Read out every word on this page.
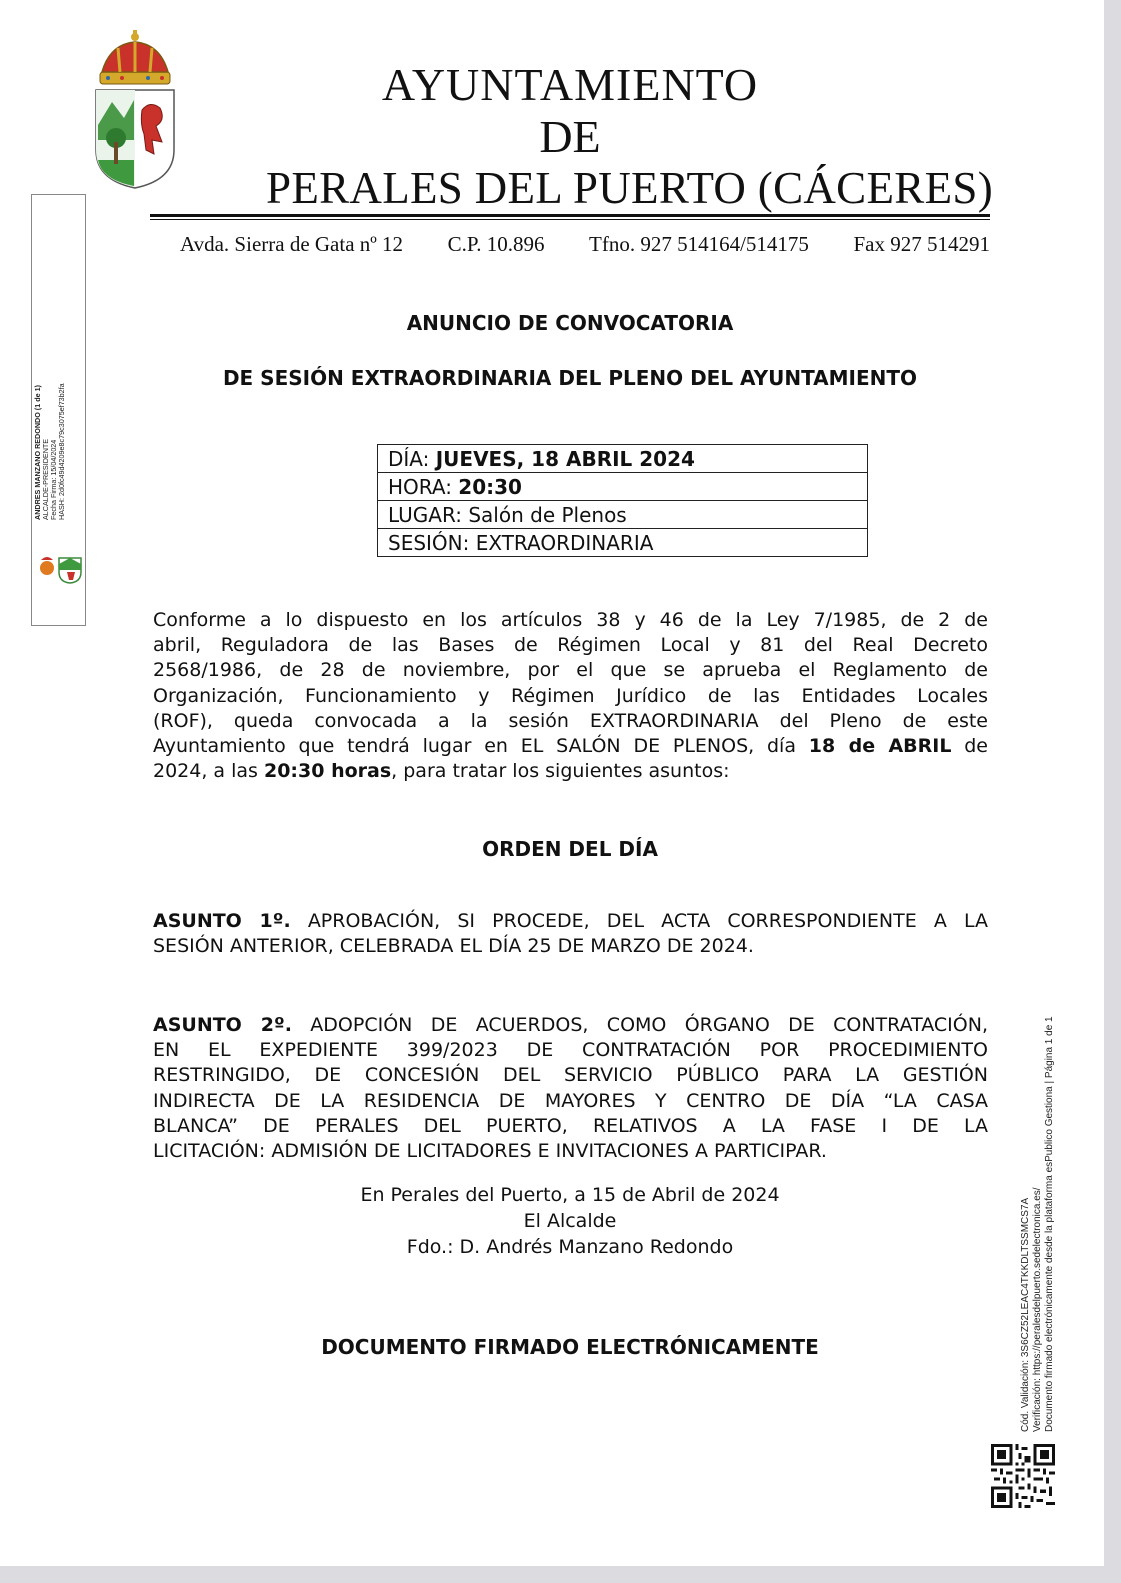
AYUNTAMIENTO
DE
PERALES DEL PUERTO (CÁCERES)
Avda. Sierra de Gata nº 12 C.P. 10.896 Tfno. 927 514164/514175 Fax 927 514291
ANDRES MANZANO REDONDO (1 de 1) ALCALDE-PRESIDENTE Fecha Firma: 15/04/2024 HASH: 2d0fc49d4209e8c79c3075ef73b2fa
ANUNCIO DE CONVOCATORIA
DE SESIÓN EXTRAORDINARIA DEL PLENO DEL AYUNTAMIENTO
DÍA: JUEVES, 18 ABRIL 2024
HORA: 20:30
LUGAR: Salón de Plenos
SESIÓN: EXTRAORDINARIA
Conforme a lo dispuesto en los artículos 38 y 46 de la Ley 7/1985, de 2 de
abril, Reguladora de las Bases de Régimen Local y 81 del Real Decreto
2568/1986, de 28 de noviembre, por el que se aprueba el Reglamento de
Organización, Funcionamiento y Régimen Jurídico de las Entidades Locales
(ROF), queda convocada a la sesión EXTRAORDINARIA del Pleno de este
Ayuntamiento que tendrá lugar en EL SALÓN DE PLENOS, día 18 de ABRIL de
2024, a las 20:30 horas, para tratar los siguientes asuntos:
ORDEN DEL DÍA
ASUNTO 1º. APROBACIÓN, SI PROCEDE, DEL ACTA CORRESPONDIENTE A LA
SESIÓN ANTERIOR, CELEBRADA EL DÍA 25 DE MARZO DE 2024.
ASUNTO 2º. ADOPCIÓN DE ACUERDOS, COMO ÓRGANO DE CONTRATACIÓN,
EN EL EXPEDIENTE 399/2023 DE CONTRATACIÓN POR PROCEDIMIENTO
RESTRINGIDO, DE CONCESIÓN DEL SERVICIO PÚBLICO PARA LA GESTIÓN
INDIRECTA DE LA RESIDENCIA DE MAYORES Y CENTRO DE DÍA “LA CASA
BLANCA” DE PERALES DEL PUERTO, RELATIVOS A LA FASE I DE LA
LICITACIÓN: ADMISIÓN DE LICITADORES E INVITACIONES A PARTICIPAR.
En Perales del Puerto, a 15 de Abril de 2024
El Alcalde
Fdo.: D. Andrés Manzano Redondo
DOCUMENTO FIRMADO ELECTRÓNICAMENTE	Cód. Validación: 3S6CZ52LEAC4TKKDLTSSMCS7A Verificación: https://peralesdelpuerto.sedelectronica.es/ Documento firmado electrónicamente desde la plataforma esPublico Gestiona | Página 1 de 1
